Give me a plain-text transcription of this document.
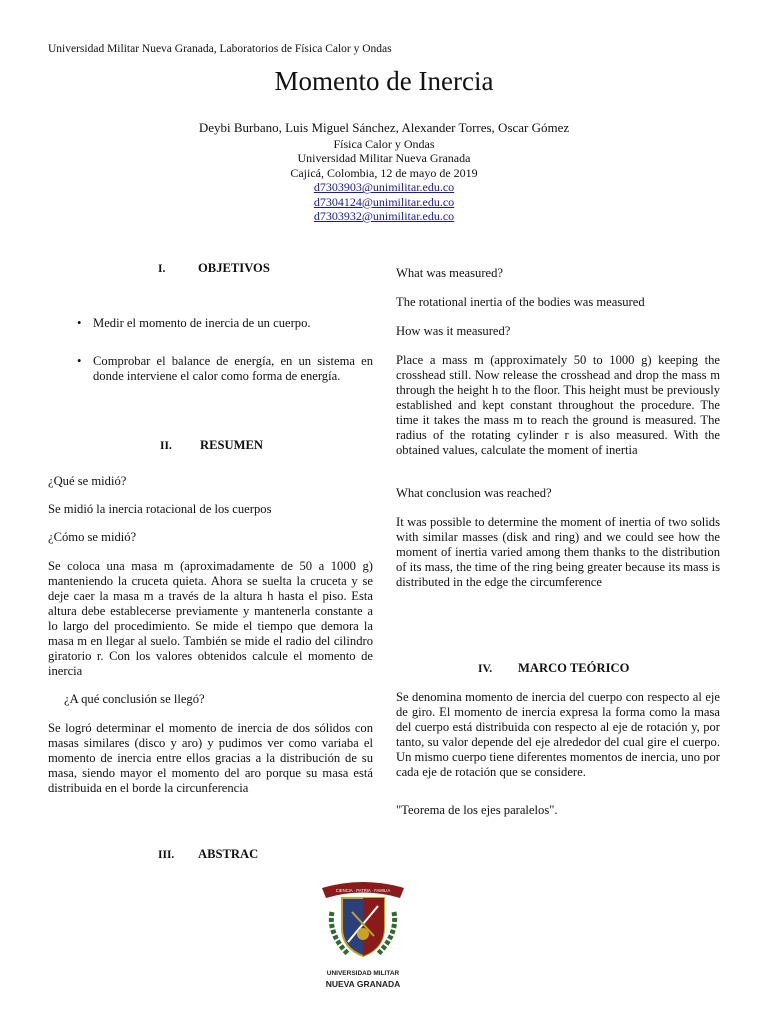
Universidad Militar Nueva Granada, Laboratorios de Física Calor y Ondas
Momento de Inercia
Deybi Burbano, Luis Miguel Sánchez, Alexander Torres, Oscar Gómez
Física Calor y Ondas
Universidad Militar Nueva Granada
Cajicá, Colombia, 12 de mayo de 2019
d7303903@unimilitar.edu.co
d7304124@unimilitar.edu.co
d7303932@unimilitar.edu.co
I.	OBJETIVOS
• Medir el momento de inercia de un cuerpo.
• Comprobar el balance de energía, en un sistema en donde interviene el calor como forma de energía.
II. RESUMEN
¿Qué se midió?
Se midió la inercia rotacional de los cuerpos
¿Cómo se midió?
Se coloca una masa m (aproximadamente de 50 a 1000 g) manteniendo la cruceta quieta. Ahora se suelta la cruceta y se deje caer la masa m a través de la altura h hasta el piso. Esta altura debe establecerse previamente y mantenerla constante a lo largo del procedimiento. Se mide el tiempo que demora la masa m en llegar al suelo. También se mide el radio del cilindro giratorio r. Con los valores obtenidos calcule el momento de inercia
¿A qué conclusión se llegó?
Se logró determinar el momento de inercia de dos sólidos con masas similares (disco y aro) y pudimos ver como variaba el momento de inercia entre ellos gracias a la distribución de su masa, siendo mayor el momento del aro porque su masa está distribuida en el borde la circunferencia
III. ABSTRAC
What was measured?
The rotational inertia of the bodies was measured
How was it measured?
Place a mass m (approximately 50 to 1000 g) keeping the crosshead still. Now release the crosshead and drop the mass m through the height h to the floor. This height must be previously established and kept constant throughout the procedure. The time it takes the mass m to reach the ground is measured. The radius of the rotating cylinder r is also measured. With the obtained values, calculate the moment of inertia
What conclusion was reached?
It was possible to determine the moment of inertia of two solids with similar masses (disk and ring) and we could see how the moment of inertia varied among them thanks to the distribution of its mass, the time of the ring being greater because its mass is distributed in the edge the circumference
IV. MARCO TEÓRICO
Se denomina momento de inercia del cuerpo con respecto al eje de giro. El momento de inercia expresa la forma como la masa del cuerpo está distribuida con respecto al eje de rotación y, por tanto, su valor depende del eje alrededor del cual gire el cuerpo. Un mismo cuerpo tiene diferentes momentos de inercia, uno por cada eje de rotación que se considere.
"Teorema de los ejes paralelos".
CIENCIA · PATRIA · FAMILIA
UNIVERSIDAD MILITAR
NUEVA GRANADA
